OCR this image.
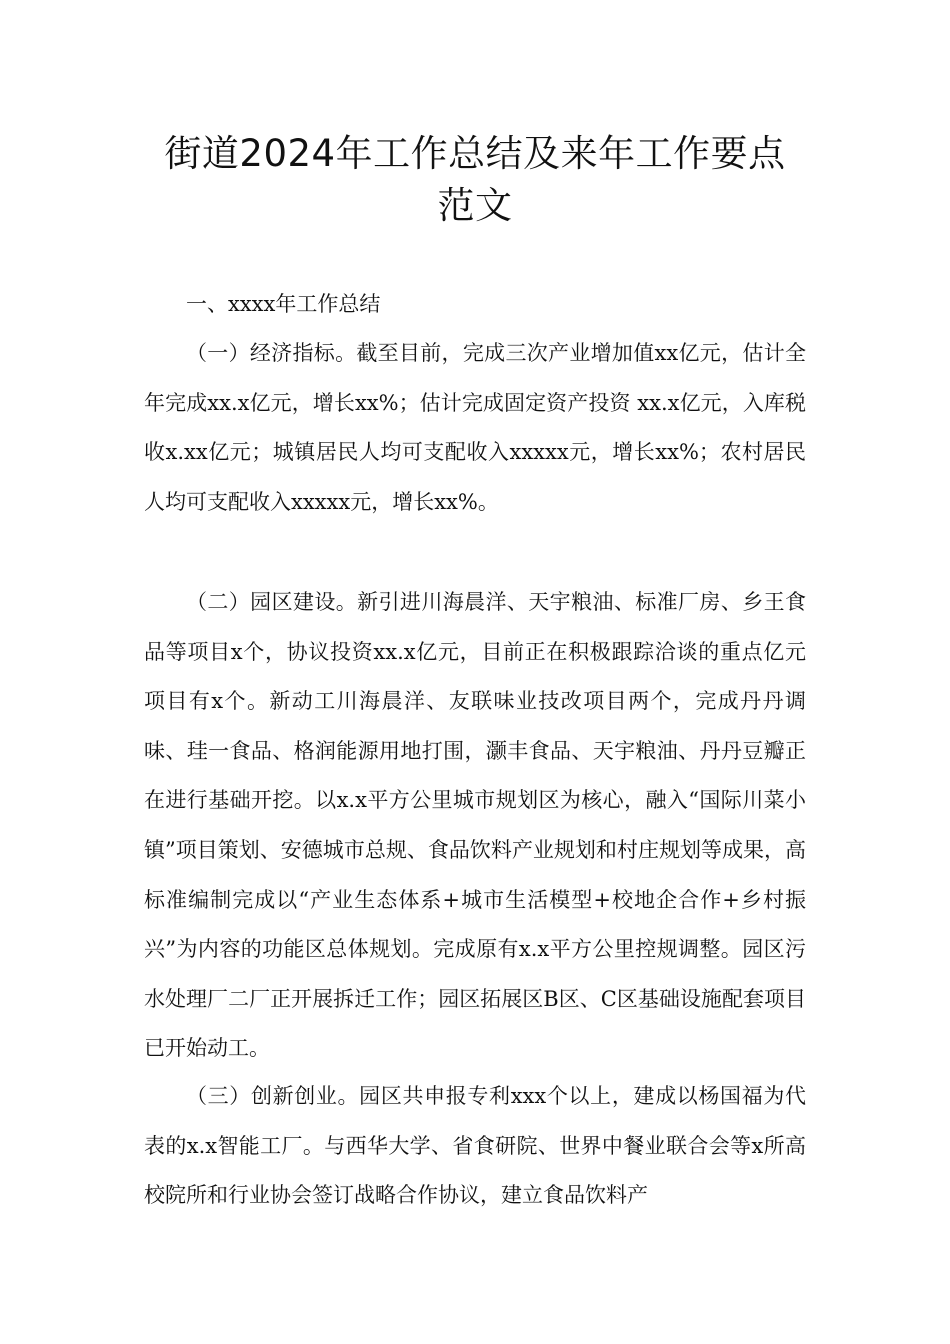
街道2024年工作总结及来年工作要点
范文

一、xxxx年工作总结

（一）经济指标。截至目前，完成三次产业增加值xx亿元，估计全年完成xx.x亿元，增长xx%；估计完成固定资产投资 xx.x亿元，入库税收x.xx亿元；城镇居民人均可支配收入xxxxx元，增长xx%；农村居民人均可支配收入xxxxx元，增长xx%。

（二）园区建设。新引进川海晨洋、天宇粮油、标准厂房、乡王食品等项目x个，协议投资xx.x亿元，目前正在积极跟踪洽谈的重点亿元项目有x个。新动工川海晨洋、友联味业技改项目两个，完成丹丹调味、珪一食品、格润能源用地打围，灏丰食品、天宇粮油、丹丹豆瓣正在进行基础开挖。以x.x平方公里城市规划区为核心，融入“国际川菜小镇”项目策划、安德城市总规、食品饮料产业规划和村庄规划等成果，高标准编制完成以“产业生态体系+城市生活模型+校地企合作+乡村振兴”为内容的功能区总体规划。完成原有x.x平方公里控规调整。园区污水处理厂二厂正开展拆迁工作；园区拓展区B区、C区基础设施配套项目已开始动工。

（三）创新创业。园区共申报专利xxx个以上，建成以杨国福为代表的x.x智能工厂。与西华大学、省食研院、世界中餐业联合会等x所高校院所和行业协会签订战略合作协议，建立食品饮料产
